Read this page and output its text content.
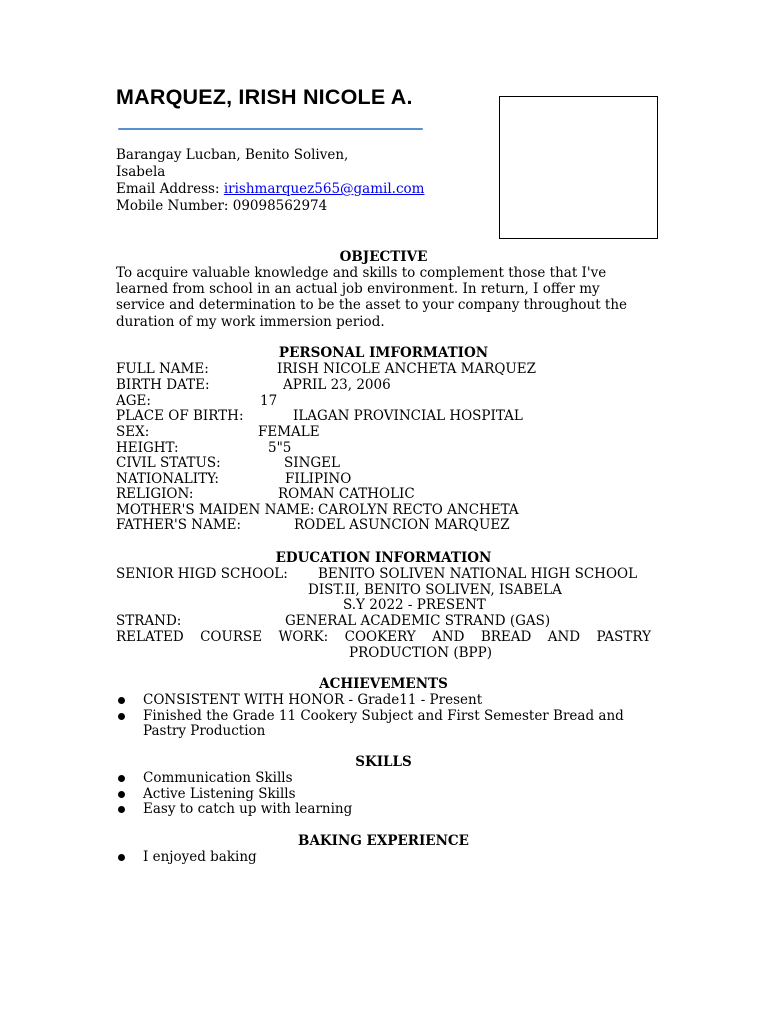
MARQUEZ, IRISH NICOLE A.
Barangay Lucban, Benito Soliven,
Isabela
Email Address: irishmarquez565@gamil.com
Mobile Number: 09098562974
OBJECTIVE
To acquire valuable knowledge and skills to complement those that I've
learned from school in an actual job environment. In return, I offer my
service and determination to be the asset to your company throughout the
duration of my work immersion period.
PERSONAL IMFORMATION
FULL NAME:	IRISH NICOLE ANCHETA MARQUEZ
BIRTH DATE:	APRIL 23, 2006
AGE:	17
PLACE OF BIRTH:	ILAGAN PROVINCIAL HOSPITAL
SEX:	FEMALE
HEIGHT:	5"5
CIVIL STATUS:	SINGEL
NATIONALITY:	FILIPINO
RELIGION:	ROMAN CATHOLIC
MOTHER'S MAIDEN NAME: CAROLYN RECTO ANCHETA
FATHER'S NAME:	RODEL ASUNCION MARQUEZ
EDUCATION INFORMATION
SENIOR HIGD SCHOOL: BENITO SOLIVEN NATIONAL HIGH SCHOOL
DIST.II, BENITO SOLIVEN, ISABELA
S.Y 2022 - PRESENT
STRAND:	GENERAL ACADEMIC STRAND (GAS)
RELATED COURSE WORK: COOKERY AND BREAD AND PASTRY
PRODUCTION (BPP)
ACHIEVEMENTS
CONSISTENT WITH HONOR - Grade11 - Present
Finished the Grade 11 Cookery Subject and First Semester Bread and Pastry Production
SKILLS
Communication Skills
Active Listening Skills
Easy to catch up with learning
BAKING EXPERIENCE
I enjoyed baking
